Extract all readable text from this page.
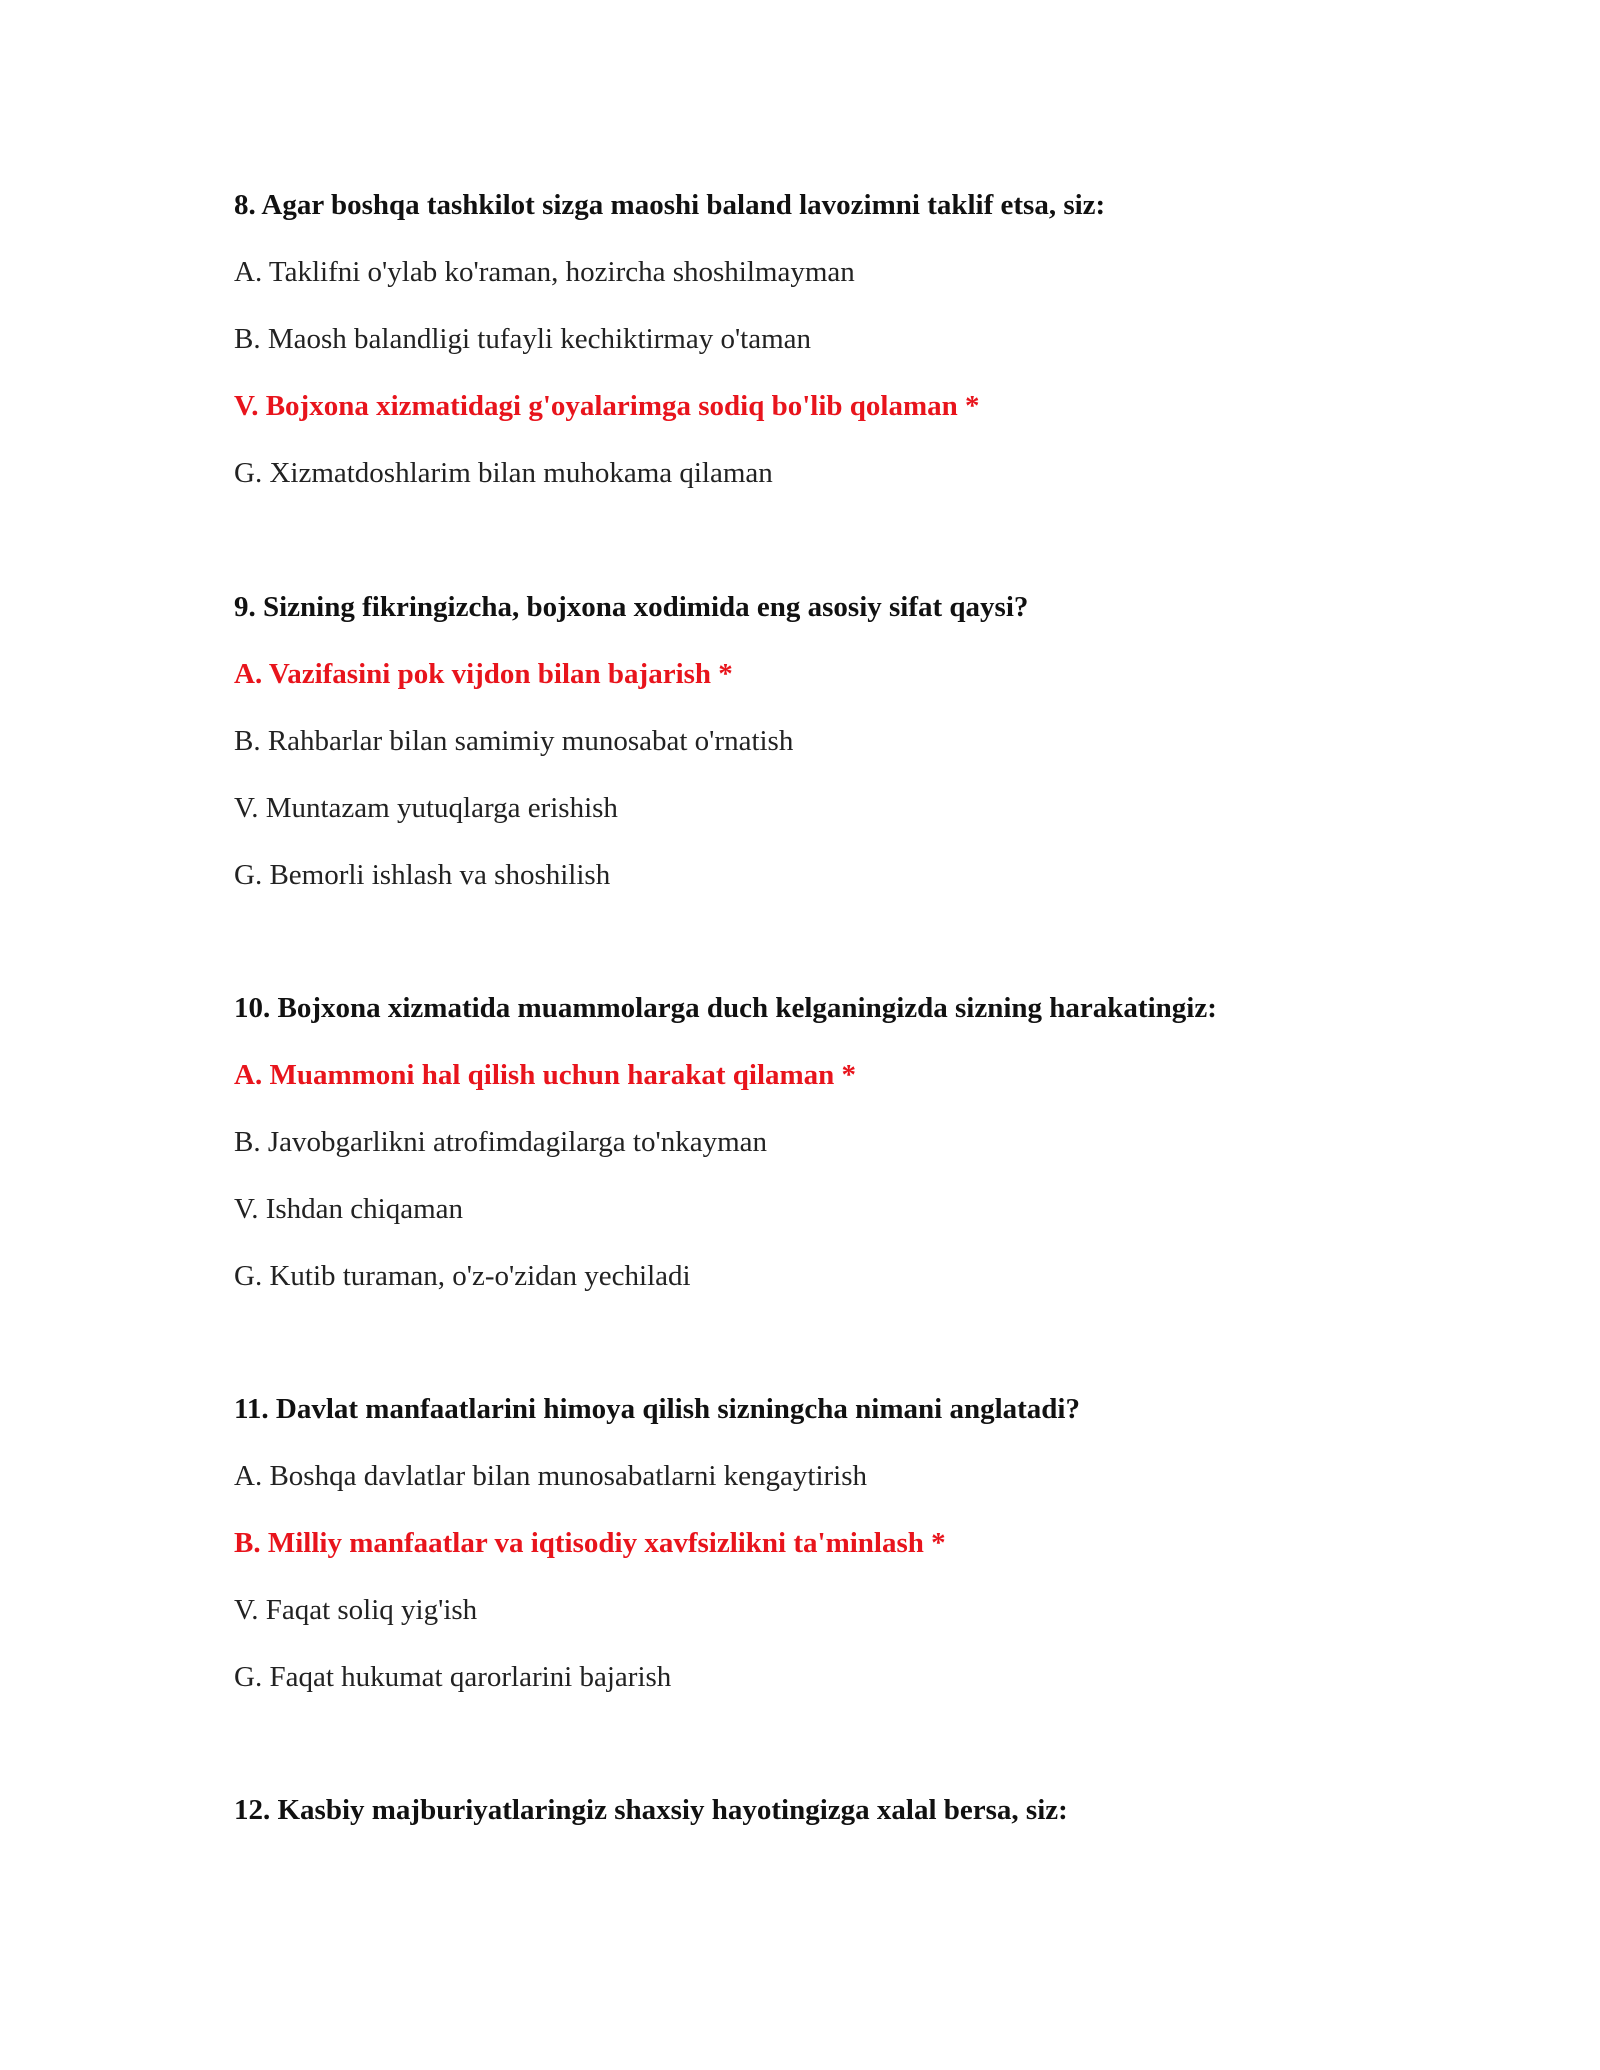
8. Agar boshqa tashkilot sizga maoshi baland lavozimni taklif etsa, siz:
A. Taklifni o'ylab ko'raman, hozircha shoshilmayman
B. Maosh balandligi tufayli kechiktirmay o'taman
V. Bojxona xizmatidagi g'oyalarimga sodiq bo'lib qolaman *
G. Xizmatdoshlarim bilan muhokama qilaman
9. Sizning fikringizcha, bojxona xodimida eng asosiy sifat qaysi?
A. Vazifasini pok vijdon bilan bajarish *
B. Rahbarlar bilan samimiy munosabat o'rnatish
V. Muntazam yutuqlarga erishish
G. Bemorli ishlash va shoshilish
10. Bojxona xizmatida muammolarga duch kelganingizda sizning harakatingiz:
A. Muammoni hal qilish uchun harakat qilaman *
B. Javobgarlikni atrofimdagilarga to'nkayman
V. Ishdan chiqaman
G. Kutib turaman, o'z-o'zidan yechiladi
11. Davlat manfaatlarini himoya qilish sizningcha nimani anglatadi?
A. Boshqa davlatlar bilan munosabatlarni kengaytirish
B. Milliy manfaatlar va iqtisodiy xavfsizlikni ta'minlash *
V. Faqat soliq yig'ish
G. Faqat hukumat qarorlarini bajarish
12. Kasbiy majburiyatlaringiz shaxsiy hayotingizga xalal bersa, siz:
